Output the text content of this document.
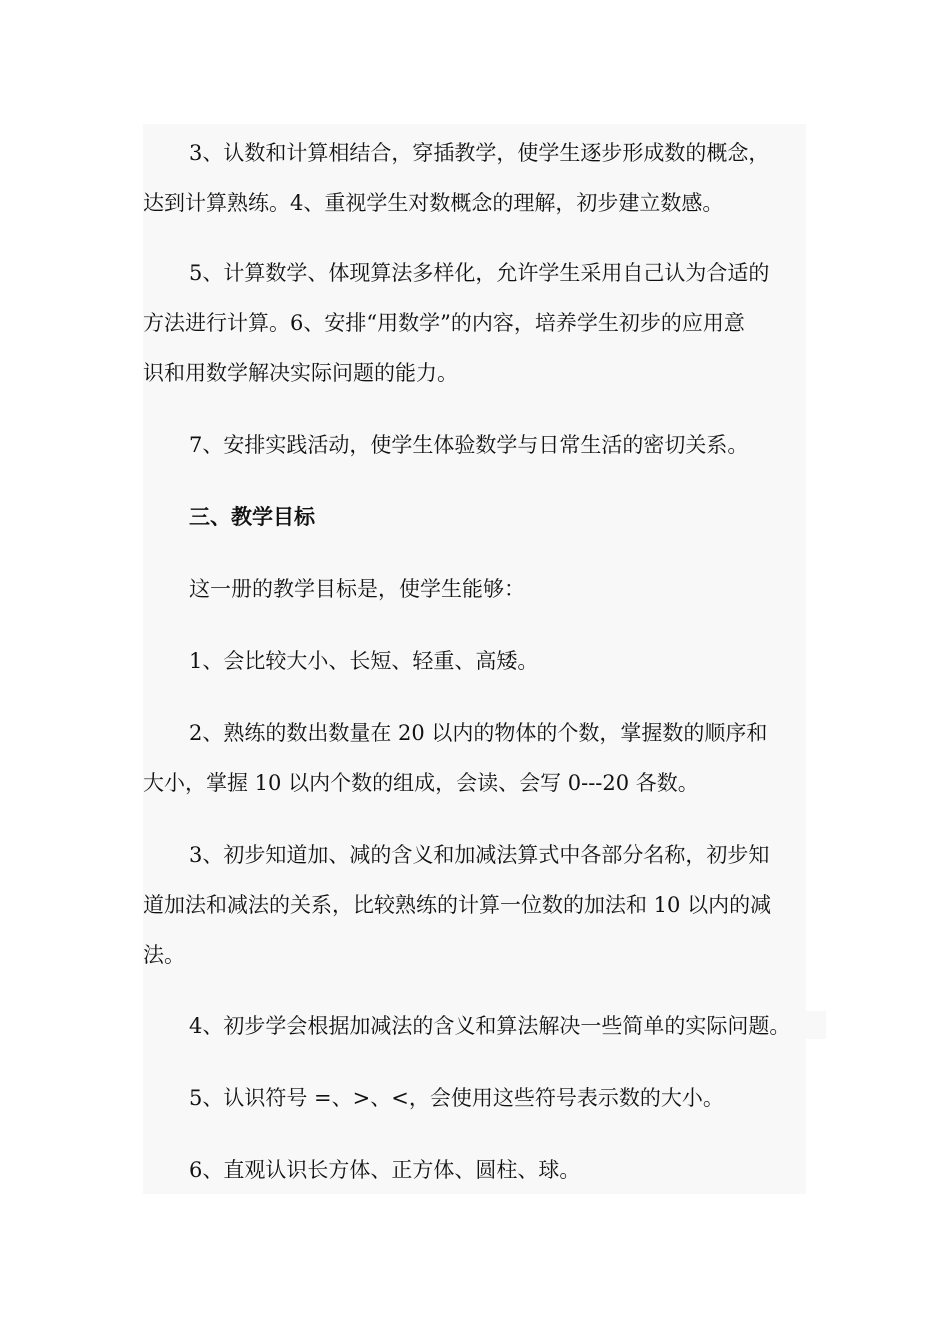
3、认数和计算相结合，穿插教学，使学生逐步形成数的概念，
达到计算熟练。4、重视学生对数概念的理解，初步建立数感。

5、计算数学、体现算法多样化，允许学生采用自己认为合适的
方法进行计算。6、安排“用数学”的内容，培养学生初步的应用意
识和用数学解决实际问题的能力。

7、安排实践活动，使学生体验数学与日常生活的密切关系。

三、教学目标

这一册的教学目标是，使学生能够：

1、会比较大小、长短、轻重、高矮。

2、熟练的数出数量在 20 以内的物体的个数，掌握数的顺序和
大小，掌握 10 以内个数的组成，会读、会写 0---20 各数。

3、初步知道加、减的含义和加减法算式中各部分名称，初步知
道加法和减法的关系，比较熟练的计算一位数的加法和 10 以内的减
法。

4、初步学会根据加减法的含义和算法解决一些简单的实际问题。

5、认识符号 =、>、<，会使用这些符号表示数的大小。

6、直观认识长方体、正方体、圆柱、球。
